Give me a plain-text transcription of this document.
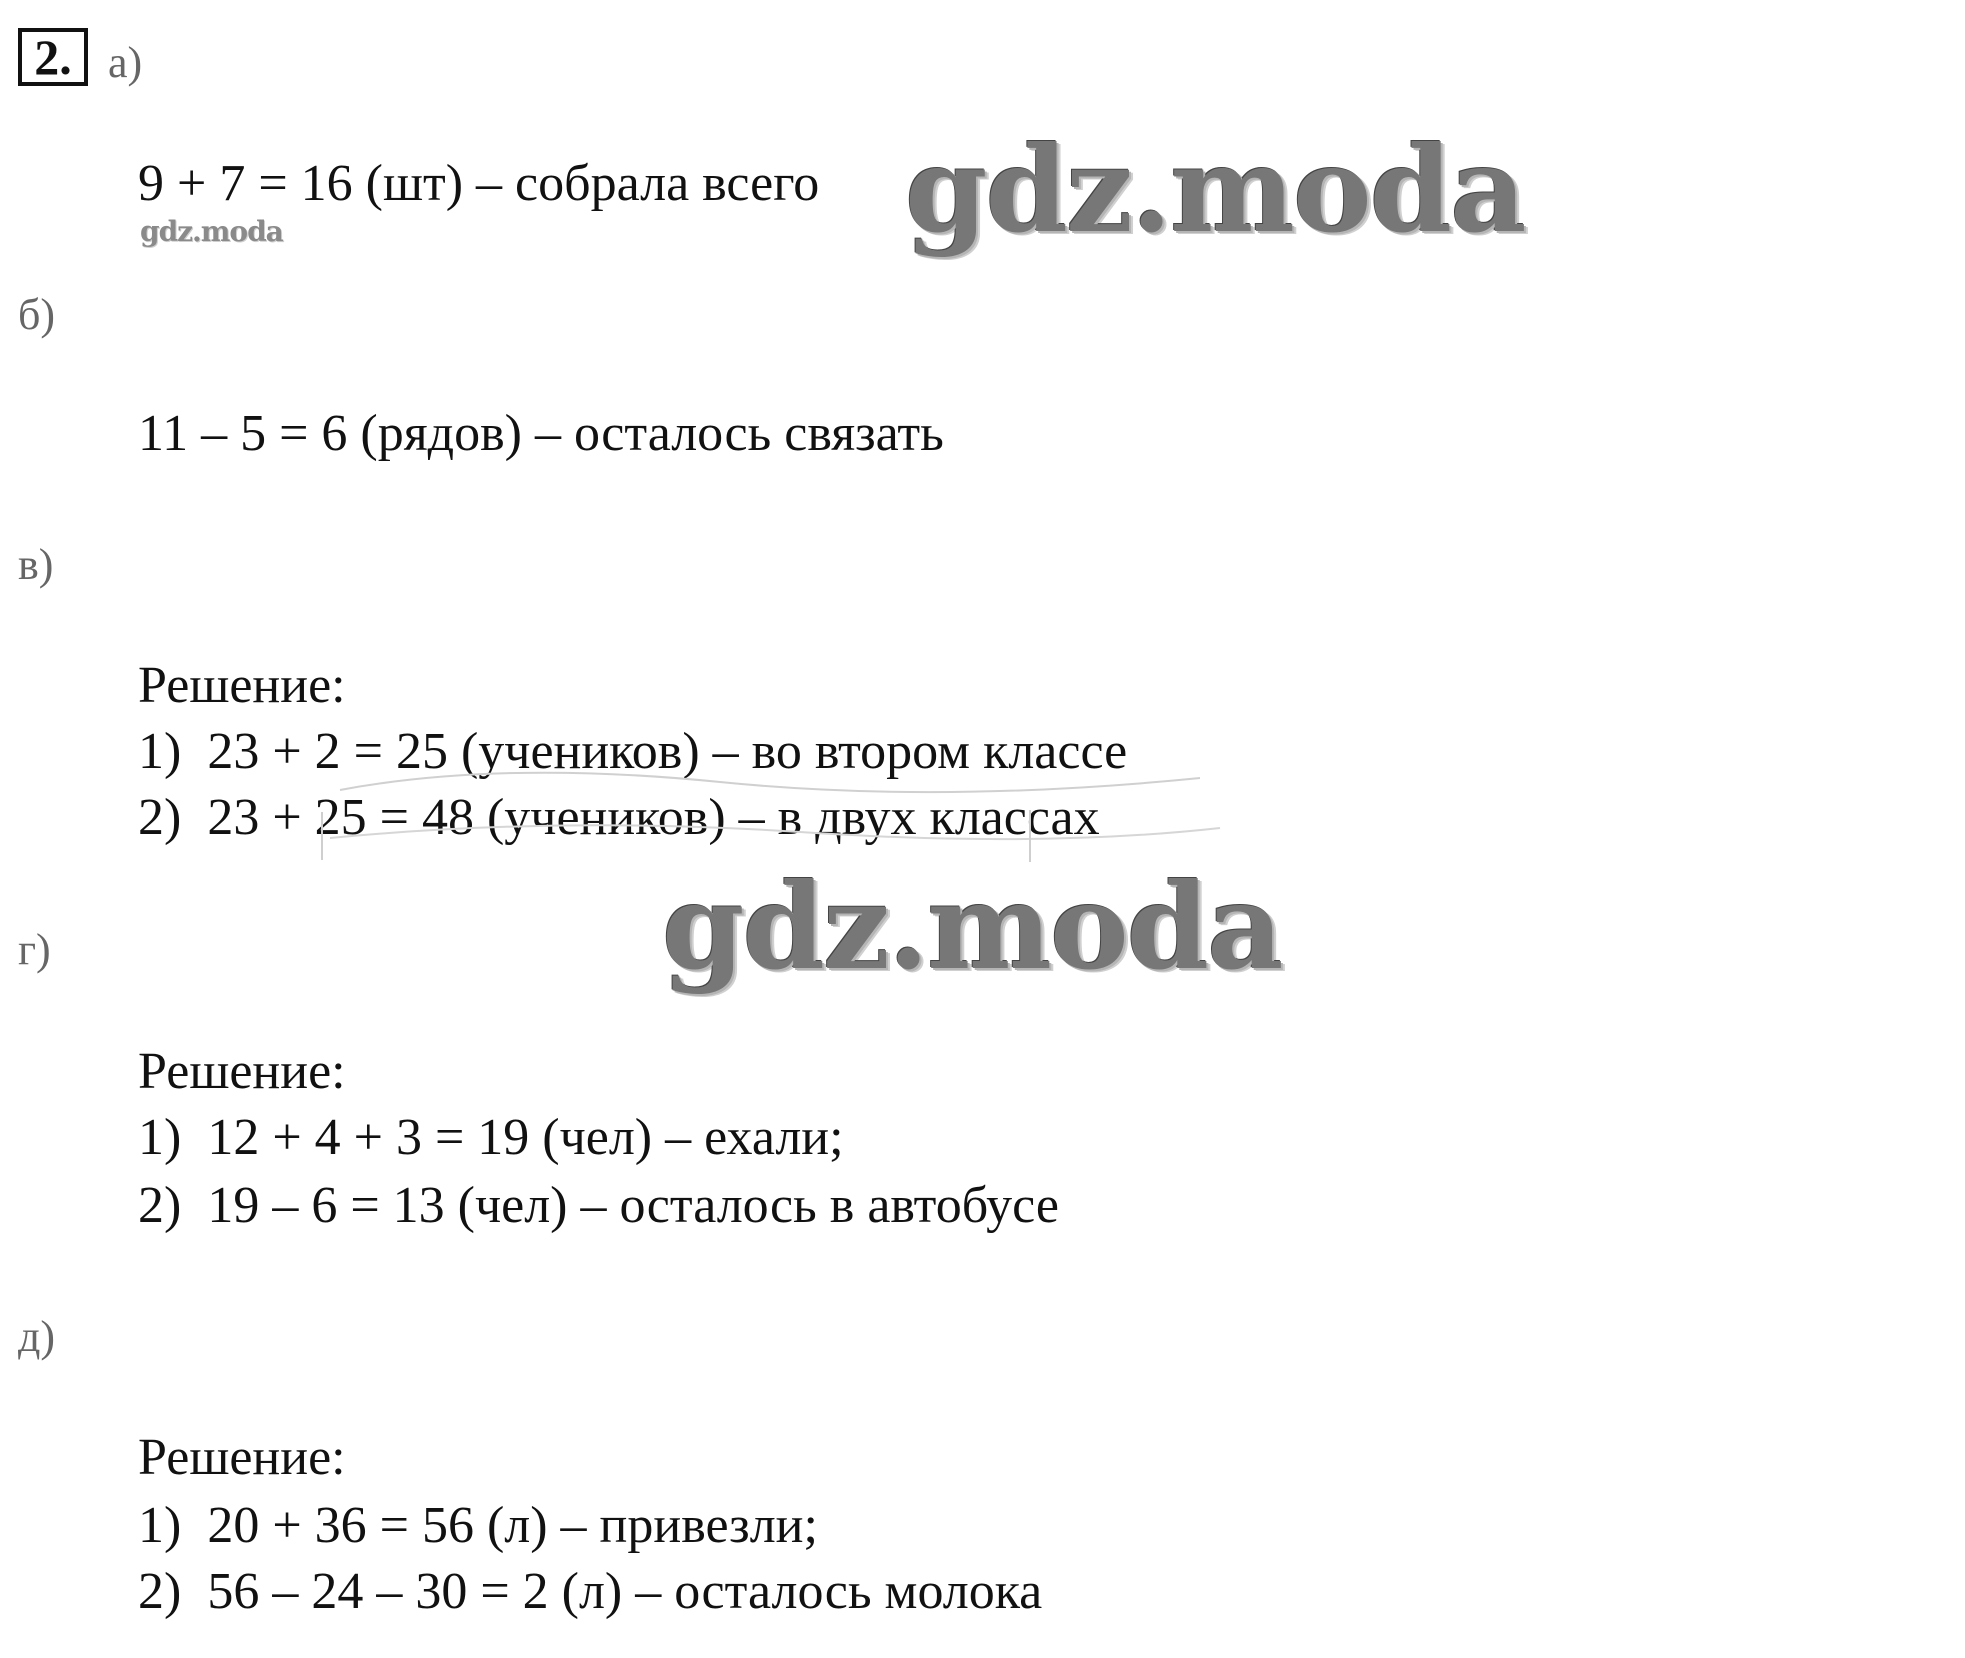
2. а)
9 + 7 = 16 (шт) – собрала всего
б)
11 – 5 = 6 (рядов) – осталось связать
в)
Решение:
1)  23 + 2 = 25 (учеников) – во втором классе
2)  23 + 25 = 48 (учеников) – в двух классах
г)
Решение:
1)  12 + 4 + 3 = 19 (чел) – ехали;
2)  19 – 6 = 13 (чел) – осталось в автобусе
д)
Решение:
1)  20 + 36 = 56 (л) – привезли;
2)  56 – 24 – 30 = 2 (л) – осталось молока
gdz.moda
gdz.moda
gdz.moda
